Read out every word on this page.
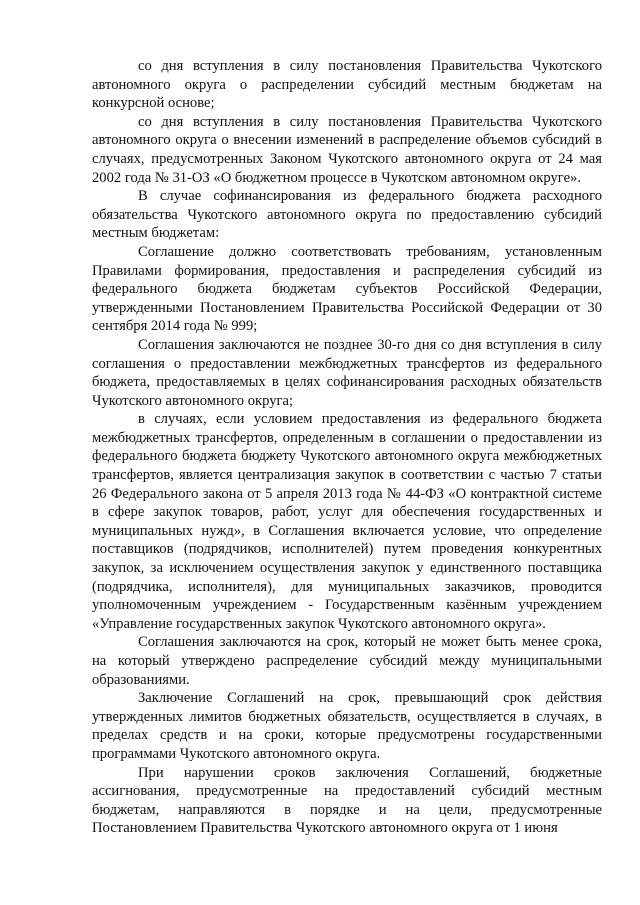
со дня вступления в силу постановления Правительства Чукотского автономного округа о распределении субсидий местным бюджетам на конкурсной основе;

со дня вступления в силу постановления Правительства Чукотского автономного округа о внесении изменений в распределение объемов субсидий в случаях, предусмотренных Законом Чукотского автономного округа от 24 мая 2002 года № 31-ОЗ «О бюджетном процессе в Чукотском автономном округе».

В случае софинансирования из федерального бюджета расходного обязательства Чукотского автономного округа по предоставлению субсидий местным бюджетам:

Соглашение должно соответствовать требованиям, установленным Правилами формирования, предоставления и распределения субсидий из федерального бюджета бюджетам субъектов Российской Федерации, утвержденными Постановлением Правительства Российской Федерации от 30 сентября 2014 года № 999;

Соглашения заключаются не позднее 30-го дня со дня вступления в силу соглашения о предоставлении межбюджетных трансфертов из федерального бюджета, предоставляемых в целях софинансирования расходных обязательств Чукотского автономного округа;

в случаях, если условием предоставления из федерального бюджета межбюджетных трансфертов, определенным в соглашении о предоставлении из федерального бюджета бюджету Чукотского автономного округа межбюджетных трансфертов, является централизация закупок в соответствии с частью 7 статьи 26 Федерального закона от 5 апреля 2013 года № 44-ФЗ «О контрактной системе в сфере закупок товаров, работ, услуг для обеспечения государственных и муниципальных нужд», в Соглашения включается условие, что определение поставщиков (подрядчиков, исполнителей) путем проведения конкурентных закупок, за исключением осуществления закупок у единственного поставщика (подрядчика, исполнителя), для муниципальных заказчиков, проводится уполномоченным учреждением - Государственным казённым учреждением «Управление государственных закупок Чукотского автономного округа».

Соглашения заключаются на срок, который не может быть менее срока, на который утверждено распределение субсидий между муниципальными образованиями.

Заключение Соглашений на срок, превышающий срок действия утвержденных лимитов бюджетных обязательств, осуществляется в случаях, в пределах средств и на сроки, которые предусмотрены государственными программами Чукотского автономного округа.

При нарушении сроков заключения Соглашений, бюджетные ассигнования, предусмотренные на предоставлений субсидий местным бюджетам, направляются в порядке и на цели, предусмотренные Постановлением Правительства Чукотского автономного округа от 1 июня
